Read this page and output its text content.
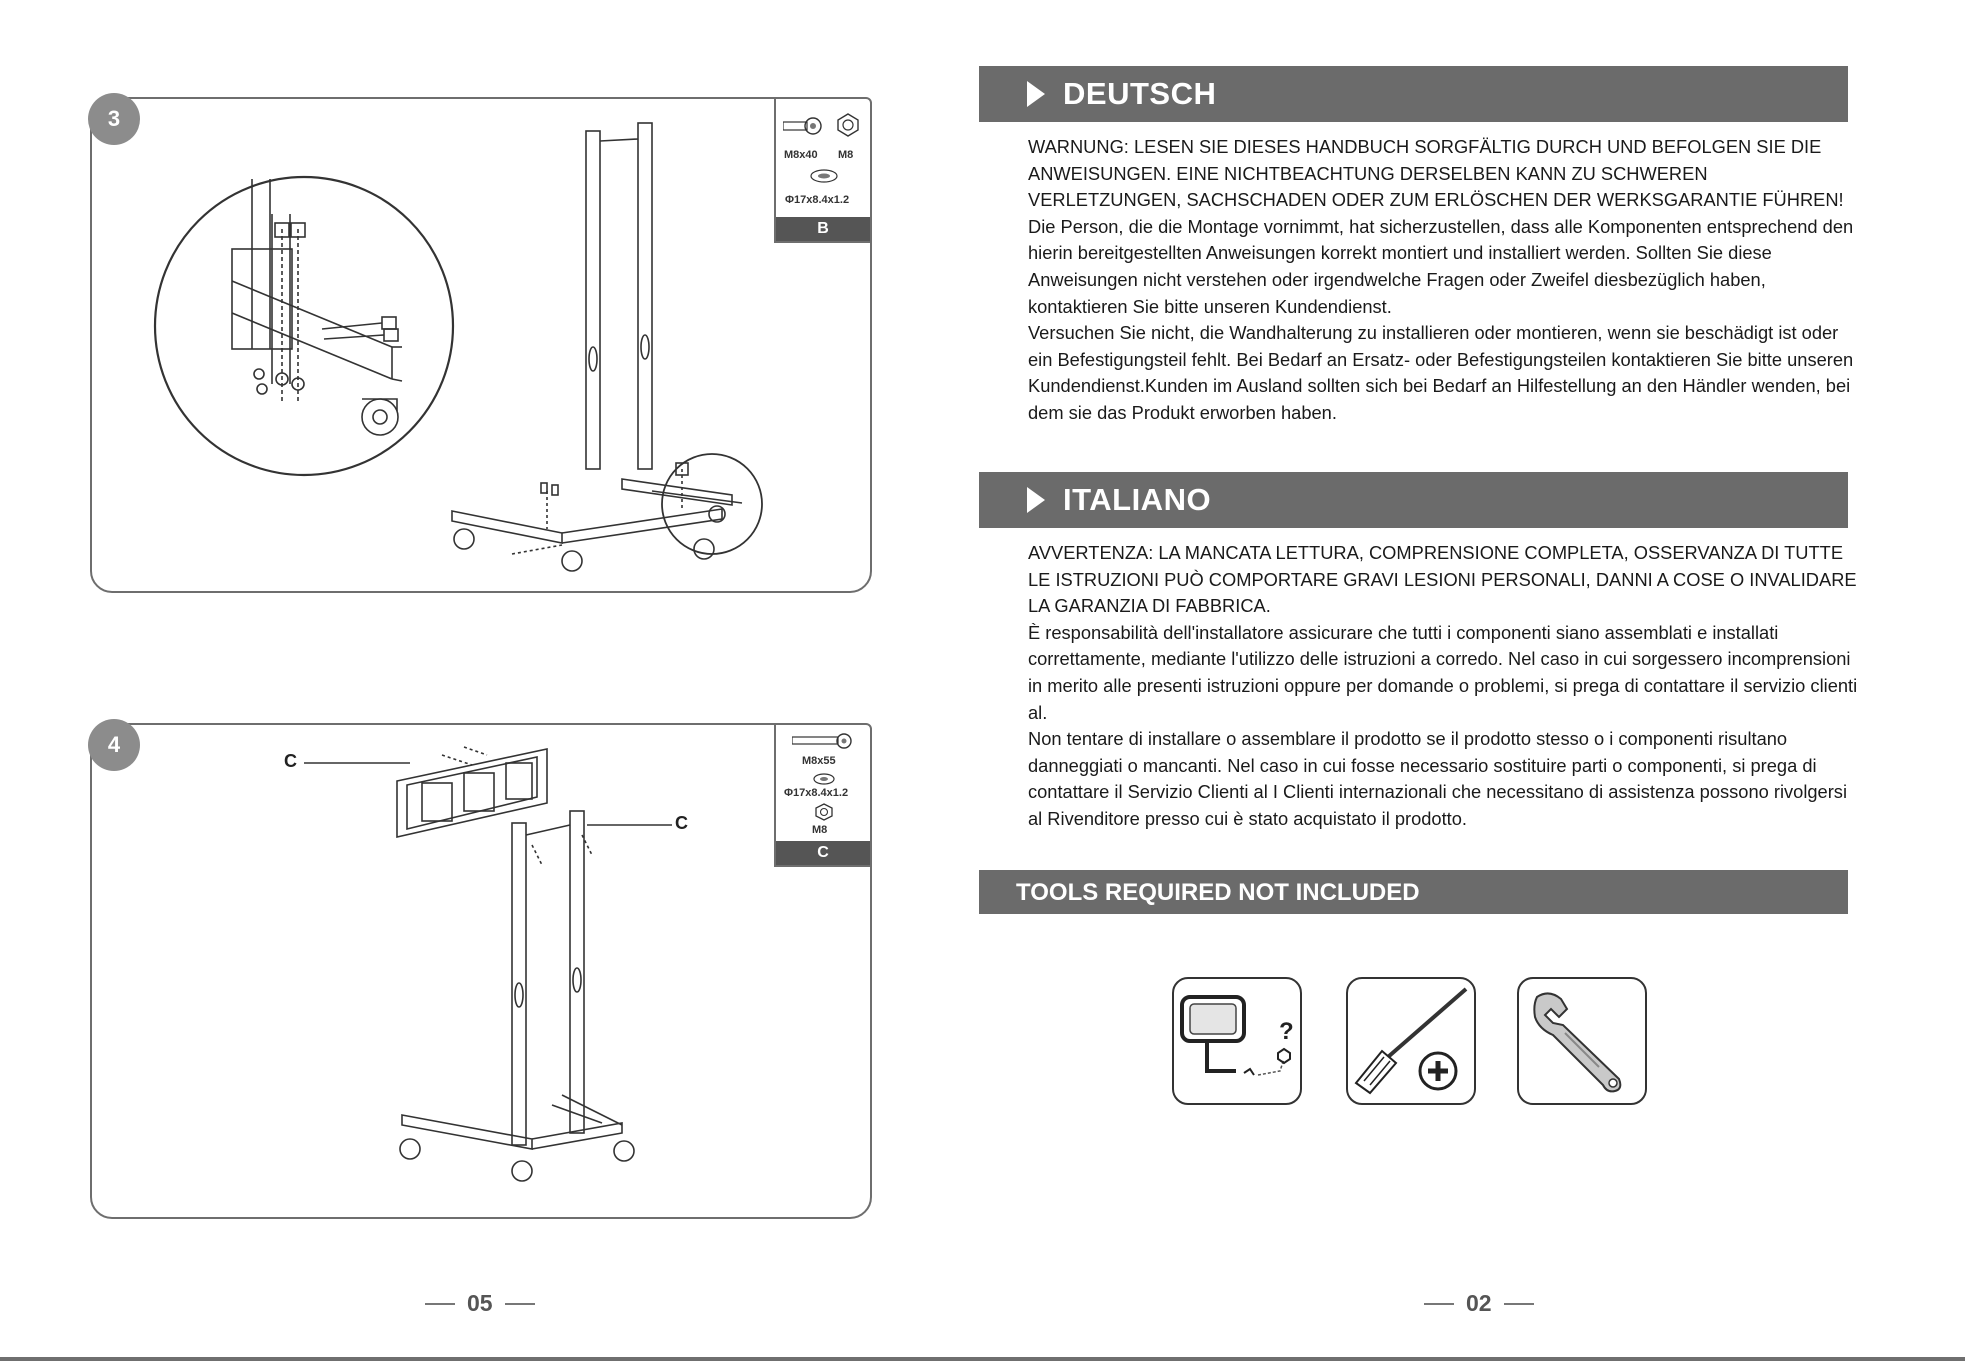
3
M8x40 M8
Φ17x8.4x1.2
B
C
C
4
M8x55
Φ17x8.4x1.2
M8
C
DEUTSCH

WARNUNG: LESEN SIE DIESES HANDBUCH SORGFÄLTIG DURCH UND BEFOLGEN SIE DIE ANWEISUNGEN. EINE NICHTBEACHTUNG DERSELBEN KANN ZU SCHWEREN VERLETZUNGEN, SACHSCHADEN ODER ZUM ERLÖSCHEN DER WERKSGARANTIE FÜHREN!

Die Person, die die Montage vornimmt, hat sicherzustellen, dass alle Komponenten entsprechend den hierin bereitgestellten Anweisungen korrekt montiert und installiert werden. Sollten Sie diese Anweisungen nicht verstehen oder irgendwelche Fragen oder Zweifel diesbezüglich haben, kontaktieren Sie bitte unseren Kundendienst.

Versuchen Sie nicht, die Wandhalterung zu installieren oder montieren, wenn sie beschädigt ist oder ein Befestigungsteil fehlt. Bei Bedarf an Ersatz- oder Befestigungsteilen kontaktieren Sie bitte unseren Kundendienst.Kunden im Ausland sollten sich bei Bedarf an Hilfestellung an den Händler wenden, bei dem sie das Produkt erworben haben.

ITALIANO

AVVERTENZA: LA MANCATA LETTURA, COMPRENSIONE COMPLETA, OSSERVANZA DI TUTTE LE ISTRUZIONI PUÒ COMPORTARE GRAVI LESIONI PERSONALI, DANNI A COSE O INVALIDARE LA GARANZIA DI FABBRICA.

È responsabilità dell'installatore assicurare che tutti i componenti siano assemblati e installati correttamente, mediante l'utilizzo delle istruzioni a corredo. Nel caso in cui sorgessero incomprensioni in merito alle presenti istruzioni oppure per domande o problemi, si prega di contattare il servizio clienti al.

Non tentare di installare o assemblare il prodotto se il prodotto stesso o i componenti risultano danneggiati o mancanti. Nel caso in cui fosse necessario sostituire parti o componenti, si prega di contattare il Servizio Clienti al I Clienti internazionali che necessitano di assistenza possono rivolgersi al Rivenditore presso cui è stato acquistato il prodotto.

TOOLS REQUIRED NOT INCLUDED
?
05	02
